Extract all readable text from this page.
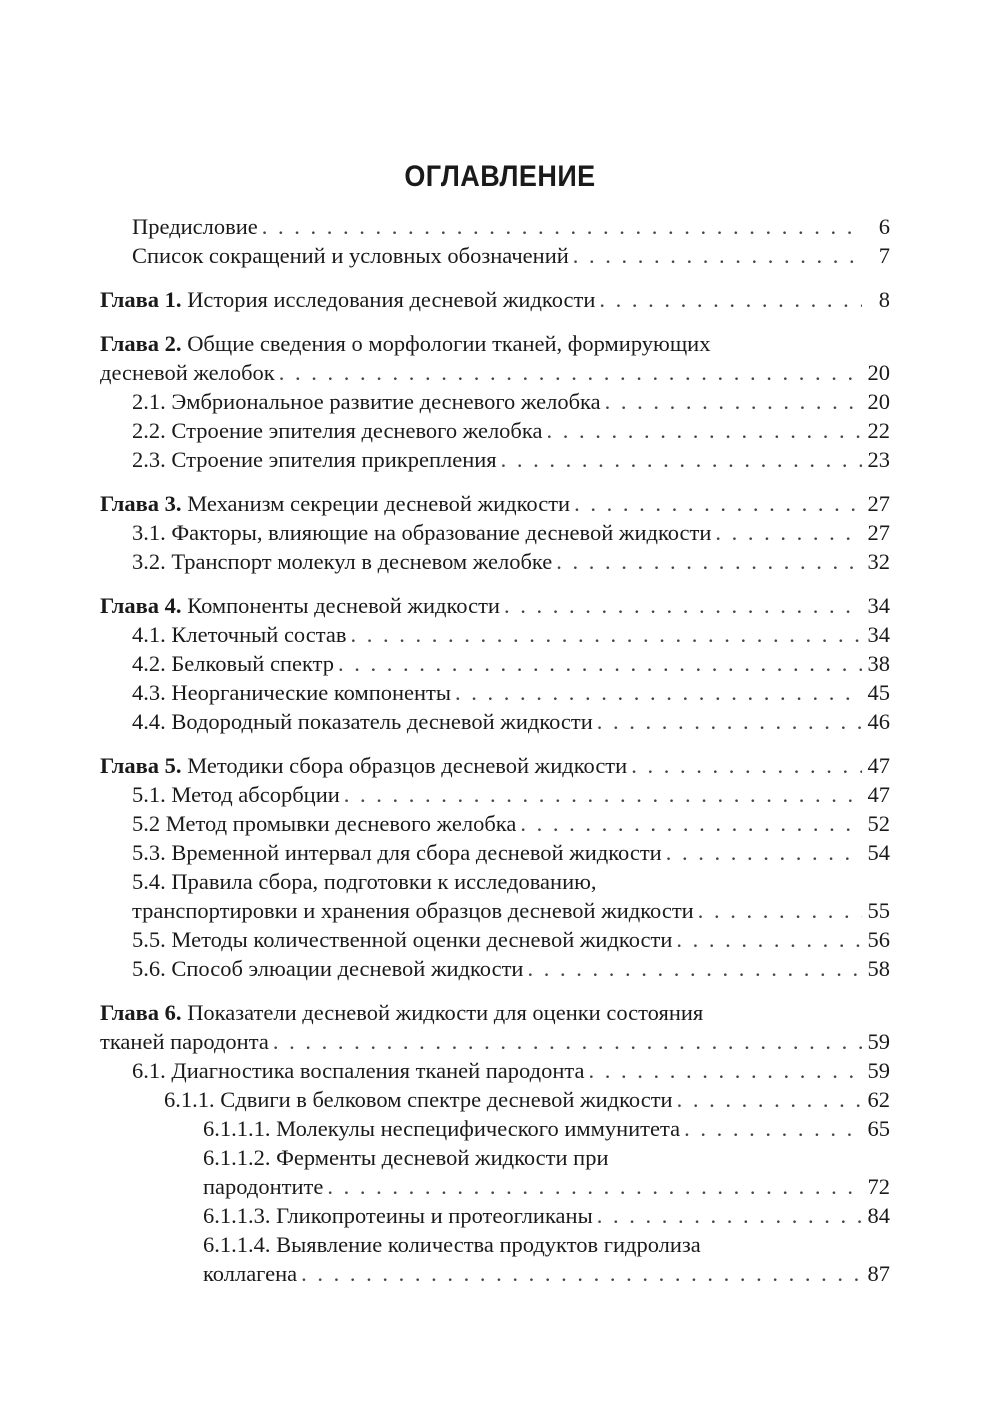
ОГЛАВЛЕНИЕ
Предисловие . . .	6
Список сокращений и условных обозначений . . .	7
Глава 1. История исследования десневой жидкости . . .	8
Глава 2. Общие сведения о морфологии тканей, формирующих
десневой желобок . . .	20
2.1. Эмбриональное развитие десневого желобка . . .	20
2.2. Строение эпителия десневого желобка . . .	22
2.3. Строение эпителия прикрепления . . .	23
Глава 3. Механизм секреции десневой жидкости . . .	27
3.1. Факторы, влияющие на образование десневой жидкости . . .	27
3.2. Транспорт молекул в десневом желобке . . .	32
Глава 4. Компоненты десневой жидкости . . .	34
4.1. Клеточный состав . . .	34
4.2. Белковый спектр . . .	38
4.3. Неорганические компоненты . . .	45
4.4. Водородный показатель десневой жидкости . . .	46
Глава 5. Методики сбора образцов десневой жидкости . . .	47
5.1. Метод абсорбции . . .	47
5.2 Метод промывки десневого желобка . . .	52
5.3. Временной интервал для сбора десневой жидкости . . .	54
5.4. Правила сбора, подготовки к исследованию,
транспортировки и хранения образцов десневой жидкости . . .	55
5.5. Методы количественной оценки десневой жидкости . . .	56
5.6. Способ элюации десневой жидкости . . .	58
Глава 6. Показатели десневой жидкости для оценки состояния
тканей пародонта . . .	59
6.1. Диагностика воспаления тканей пародонта . . .	59
6.1.1. Сдвиги в белковом спектре десневой жидкости . . .	62
6.1.1.1. Молекулы неспецифического иммунитета . . .	65
6.1.1.2. Ферменты десневой жидкости при
пародонтите . . .	72
6.1.1.3. Гликопротеины и протеогликаны . . .	84
6.1.1.4. Выявление количества продуктов гидролиза
коллагена . . .	87
